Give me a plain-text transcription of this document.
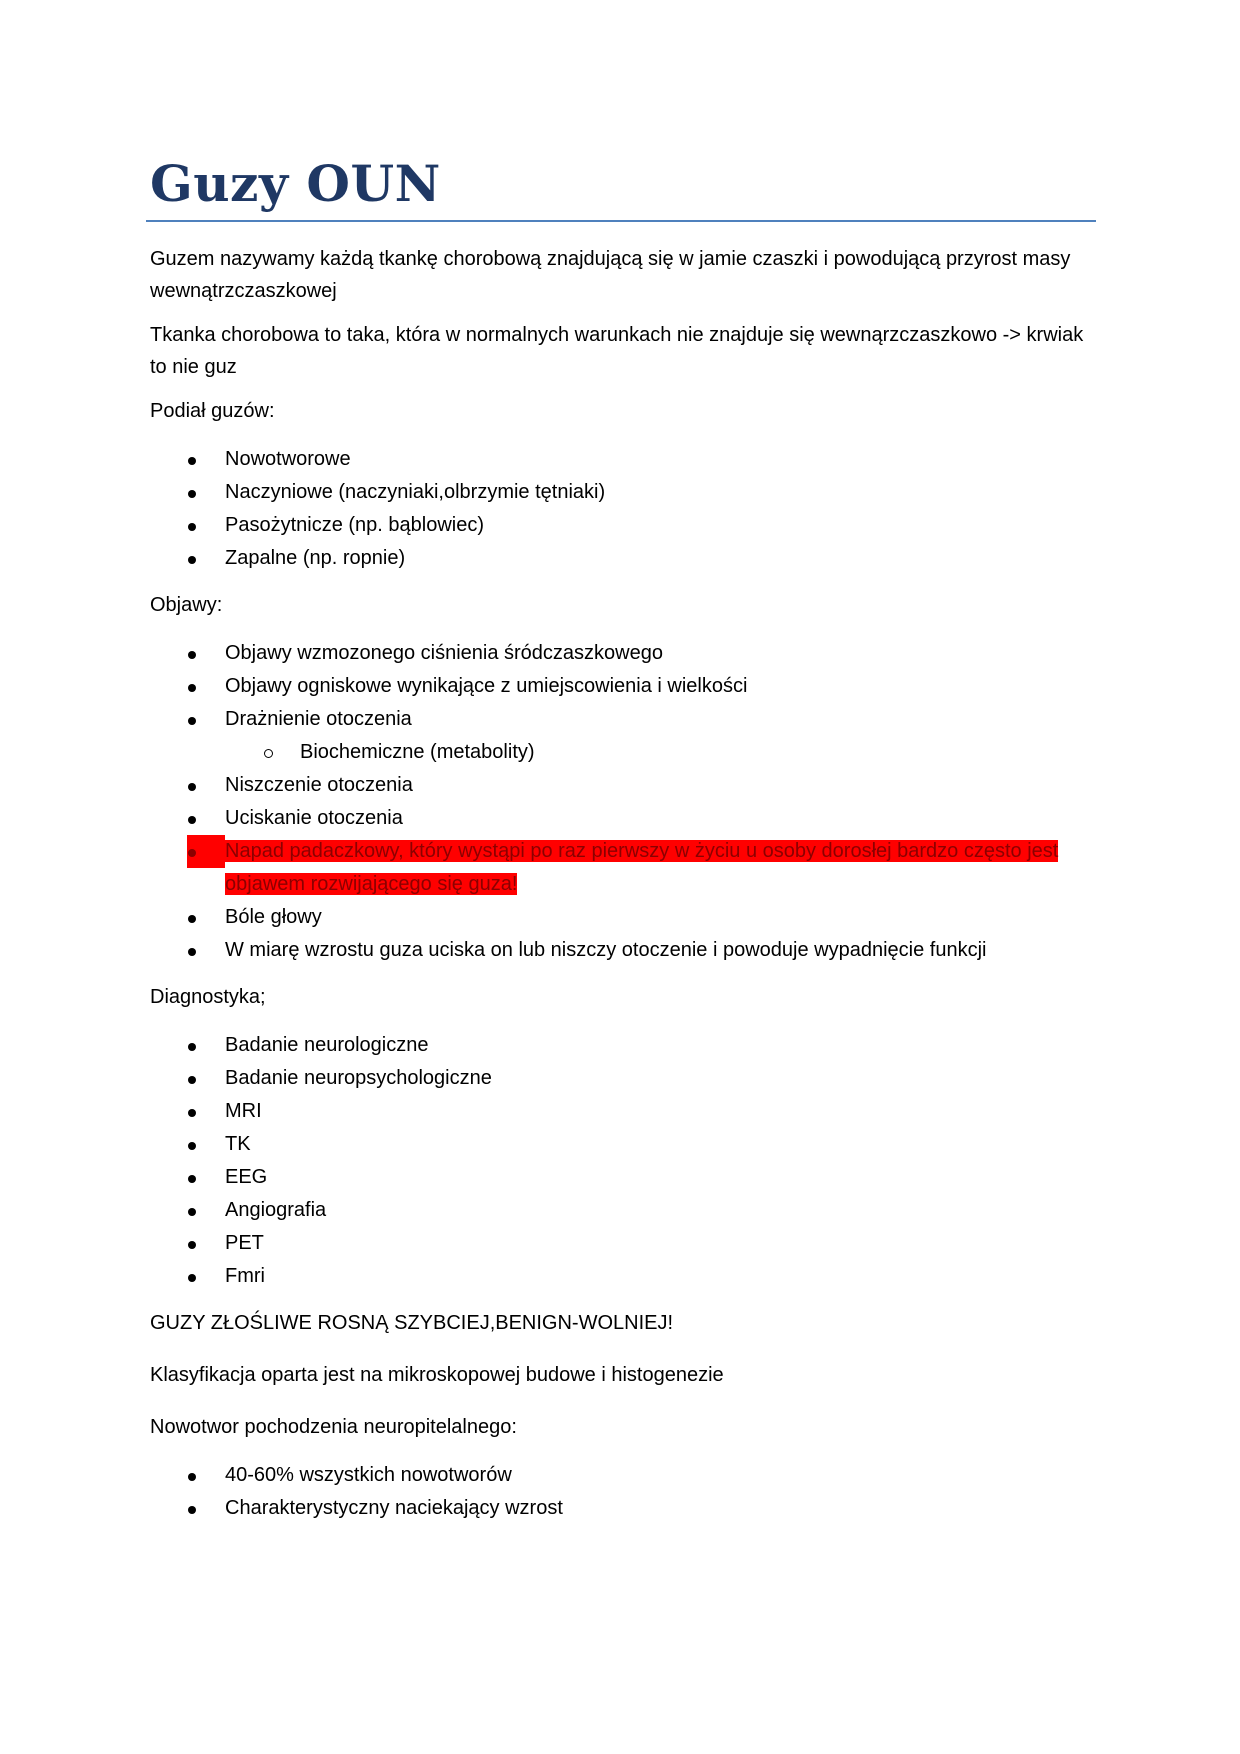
Guzy OUN

Guzem nazywamy każdą tkankę chorobową znajdującą się w jamie czaszki i powodującą przyrost masy wewnątrzczaszkowej

Tkanka chorobowa to taka, która w normalnych warunkach nie znajduje się wewnąrzczaszkowo -> krwiak to nie guz

Podiał guzów:

Nowotworowe
Naczyniowe (naczyniaki,olbrzymie tętniaki)
Pasożytnicze (np. bąblowiec)
Zapalne (np. ropnie)

Objawy:

Objawy wzmozonego ciśnienia śródczaszkowego
Objawy ogniskowe wynikające z umiejscowienia i wielkości
Drażnienie otoczenia
Biochemiczne (metabolity)
Niszczenie otoczenia
Uciskanie otoczenia
Napad padaczkowy, który wystąpi po raz pierwszy w życiu u osoby dorosłej bardzo często jest objawem rozwijającego się guza!
Bóle głowy
W miarę wzrostu guza uciska on lub niszczy otoczenie i powoduje wypadnięcie funkcji

Diagnostyka;

Badanie neurologiczne
Badanie neuropsychologiczne
MRI
TK
EEG
Angiografia
PET
Fmri

GUZY ZŁOŚLIWE ROSNĄ SZYBCIEJ,BENIGN-WOLNIEJ!

Klasyfikacja oparta jest na mikroskopowej budowe i histogenezie

Nowotwor pochodzenia neuropitelalnego:

40-60% wszystkich nowotworów
Charakterystyczny naciekający wzrost
